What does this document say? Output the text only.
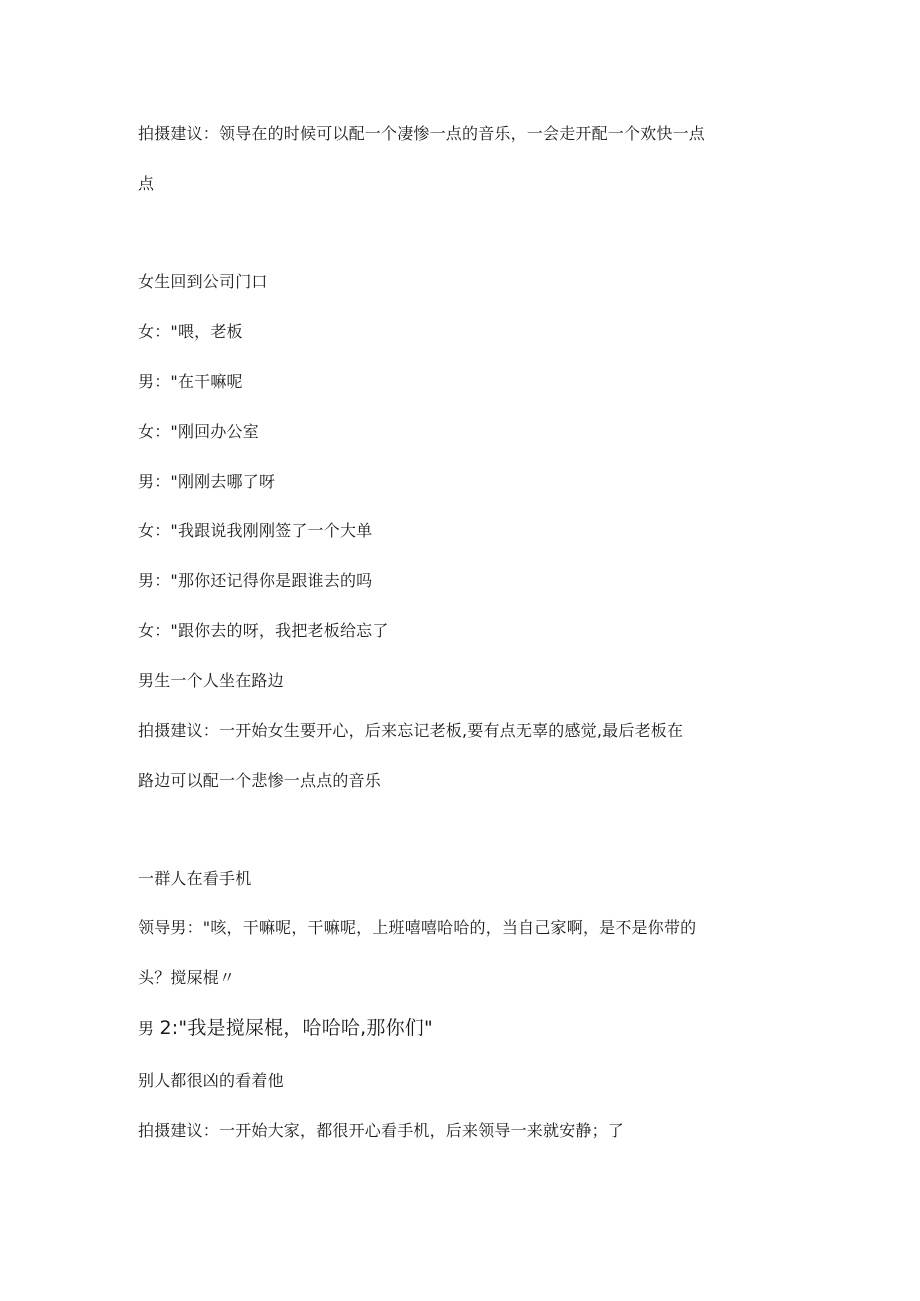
拍摄建议：领导在的时候可以配一个凄惨一点的音乐，一会走开配一个欢快一点
点
女生回到公司门口
女："喂，老板
男："在干嘛呢
女："刚回办公室
男："刚刚去哪了呀
女："我跟说我刚刚签了一个大单
男："那你还记得你是跟谁去的吗
女："跟你去的呀，我把老板给忘了
男生一个人坐在路边
拍摄建议：一开始女生要开心，后来忘记老板,要有点无辜的感觉,最后老板在
路边可以配一个悲惨一点点的音乐
一群人在看手机
领导男："咳，干嘛呢，干嘛呢，上班嘻嘻哈哈的，当自己家啊，是不是你带的
头？搅屎棍〃
男 2:"我是搅屎棍，哈哈哈,那你们"
别人都很凶的看着他
拍摄建议：一开始大家，都很开心看手机，后来领导一来就安静；了
